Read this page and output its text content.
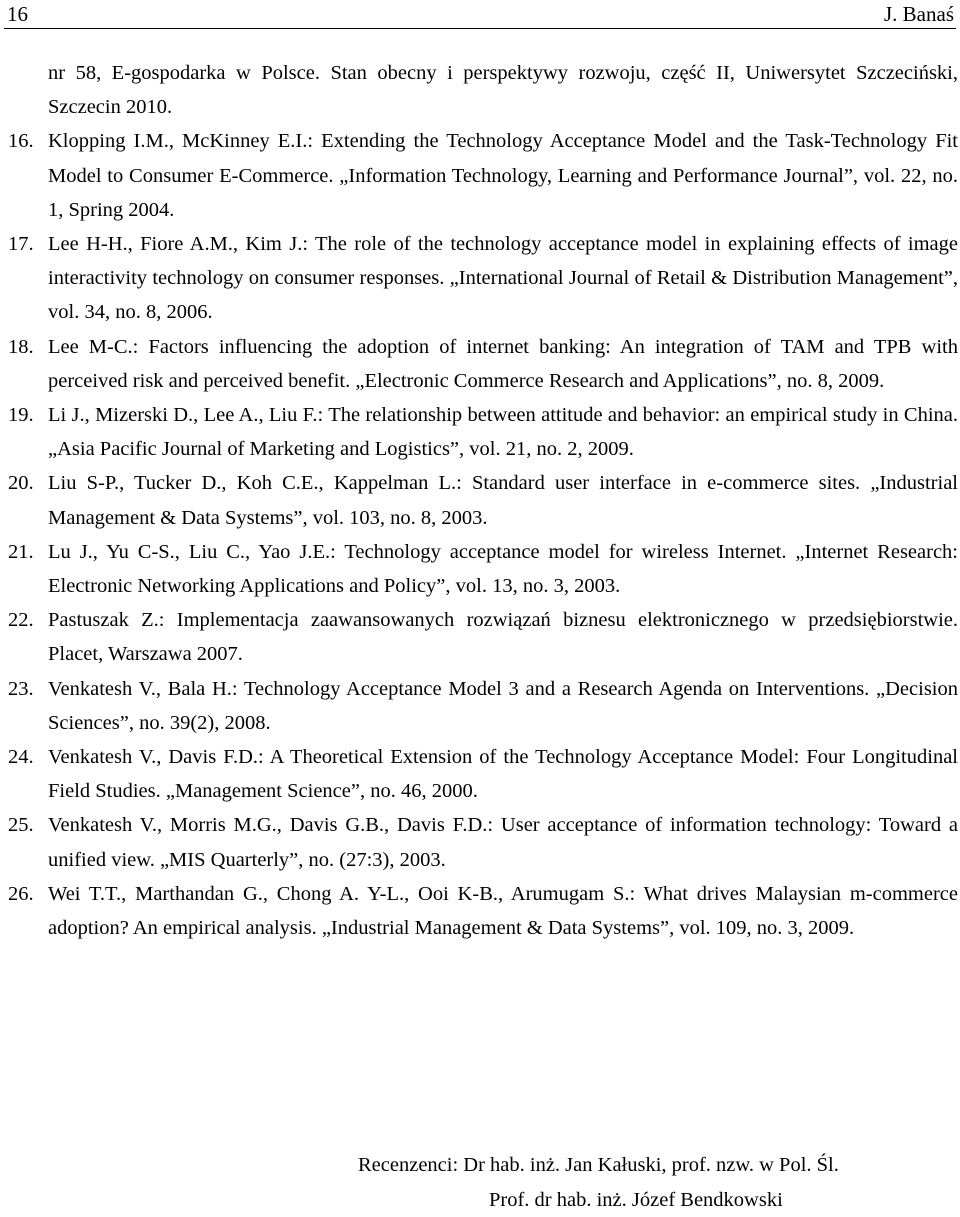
16	J. Banaś
nr 58, E-gospodarka w Polsce. Stan obecny i perspektywy rozwoju, część II, Uniwersytet Szczeciński, Szczecin 2010.
16. Klopping I.M., McKinney E.I.: Extending the Technology Acceptance Model and the Task-Technology Fit Model to Consumer E-Commerce. „Information Technology, Learning and Performance Journal”, vol. 22, no. 1, Spring 2004.
17. Lee H-H., Fiore A.M., Kim J.: The role of the technology acceptance model in explaining effects of image interactivity technology on consumer responses. „International Journal of Retail & Distribution Management”, vol. 34, no. 8, 2006.
18. Lee M-C.: Factors influencing the adoption of internet banking: An integration of TAM and TPB with perceived risk and perceived benefit. „Electronic Commerce Research and Applications”, no. 8, 2009.
19. Li J., Mizerski D., Lee A., Liu F.: The relationship between attitude and behavior: an empirical study in China. „Asia Pacific Journal of Marketing and Logistics”, vol. 21, no. 2, 2009.
20. Liu S-P., Tucker D., Koh C.E., Kappelman L.: Standard user interface in e-commerce sites. „Industrial Management & Data Systems”, vol. 103, no. 8, 2003.
21. Lu J., Yu C-S., Liu C., Yao J.E.: Technology acceptance model for wireless Internet. „Internet Research: Electronic Networking Applications and Policy”, vol. 13, no. 3, 2003.
22. Pastuszak Z.: Implementacja zaawansowanych rozwiązań biznesu elektronicznego w przedsiębiorstwie. Placet, Warszawa 2007.
23. Venkatesh V., Bala H.: Technology Acceptance Model 3 and a Research Agenda on Interventions. „Decision Sciences”, no. 39(2), 2008.
24. Venkatesh V., Davis F.D.: A Theoretical Extension of the Technology Acceptance Model: Four Longitudinal Field Studies. „Management Science”, no. 46, 2000.
25. Venkatesh V., Morris M.G., Davis G.B., Davis F.D.: User acceptance of information technology: Toward a unified view. „MIS Quarterly”, no. (27:3), 2003.
26. Wei T.T., Marthandan G., Chong A. Y-L., Ooi K-B., Arumugam S.: What drives Malaysian m-commerce adoption? An empirical analysis. „Industrial Management & Data Systems”, vol. 109, no. 3, 2009.
Recenzenci: Dr hab. inż. Jan Kałuski, prof. nzw. w Pol. Śl.
Prof. dr hab. inż. Józef Bendkowski
